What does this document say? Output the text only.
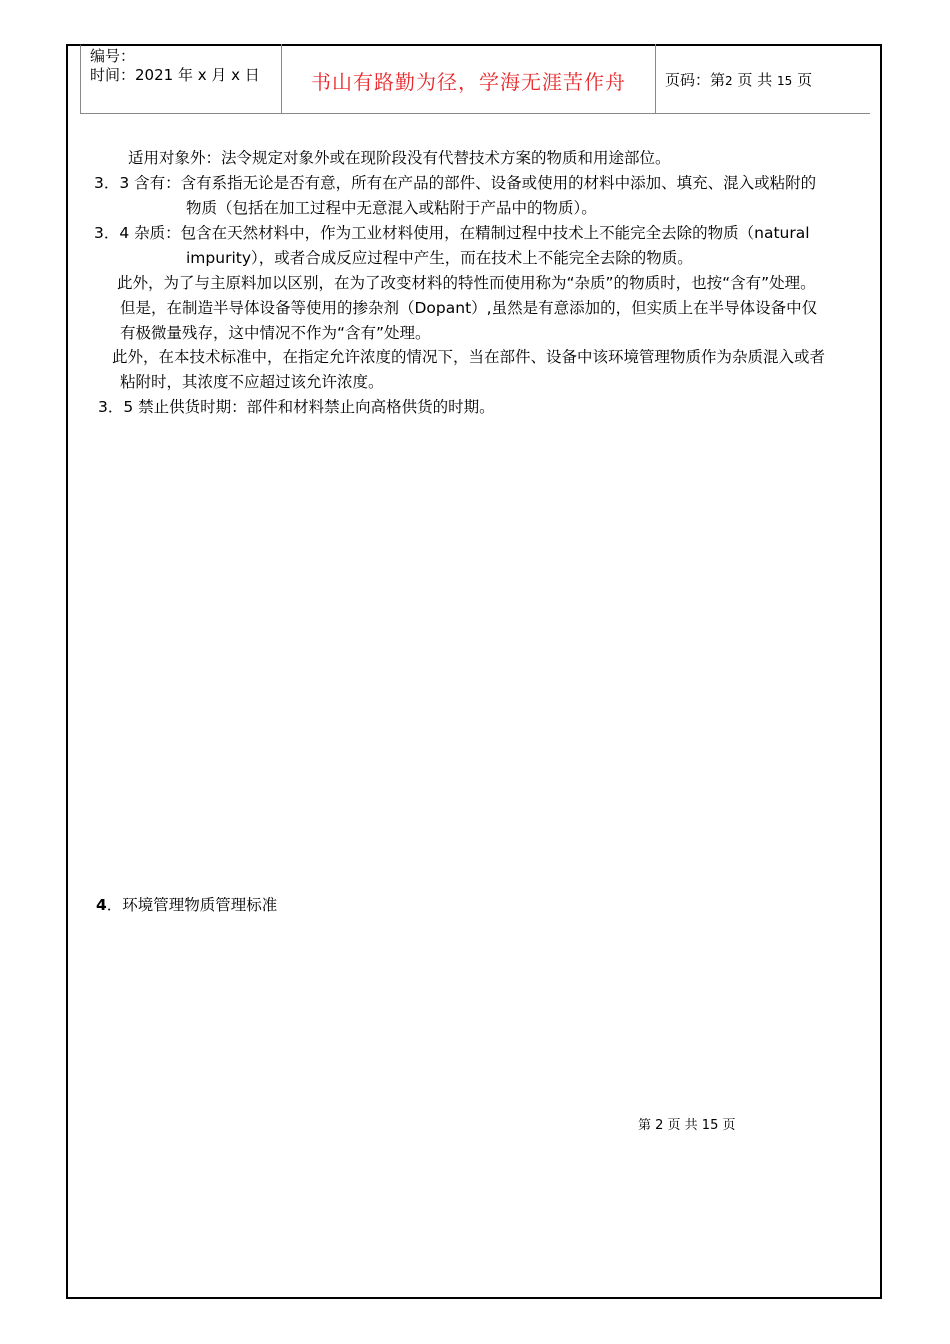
编号：
时间：2021 年 x 月 x 日	书山有路勤为径，学海无涯苦作舟	页码：第2 页 共 15 页
适用对象外：法令规定对象外或在现阶段没有代替技术方案的物质和用途部位。
3．3 含有：含有系指无论是否有意，所有在产品的部件、设备或使用的材料中添加、填充、混入或粘附的
物质（包括在加工过程中无意混入或粘附于产品中的物质）。
3．4 杂质：包含在天然材料中，作为工业材料使用，在精制过程中技术上不能完全去除的物质（natural
impurity），或者合成反应过程中产生，而在技术上不能完全去除的物质。
此外，为了与主原料加以区别，在为了改变材料的特性而使用称为“杂质”的物质时，也按“含有”处理。
但是，在制造半导体设备等使用的掺杂剂（Dopant）,虽然是有意添加的，但实质上在半导体设备中仅
有极微量残存，这中情况不作为“含有”处理。
此外，在本技术标准中，在指定允许浓度的情况下，当在部件、设备中该环境管理物质作为杂质混入或者
粘附时，其浓度不应超过该允许浓度。
3．5 禁止供货时期：部件和材料禁止向高格供货的时期。
4．环境管理物质管理标准
第 2 页 共 15 页
